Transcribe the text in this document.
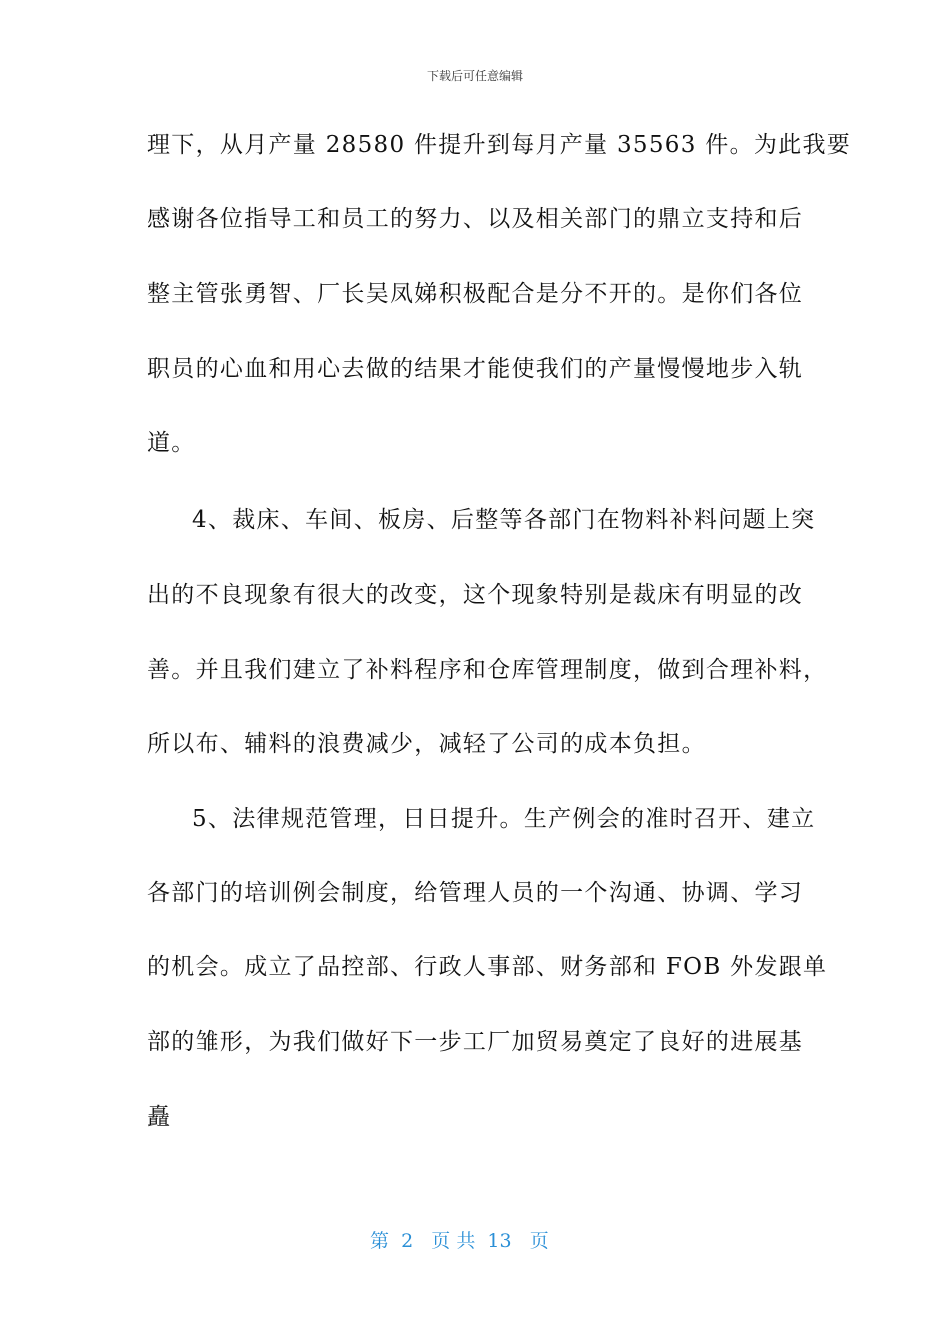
下载后可任意编辑
理下，从月产量 28580 件提升到每月产量 35563 件。为此我要
感谢各位指导工和员工的努力、以及相关部门的鼎立支持和后
整主管张勇智、厂长吴凤娣积极配合是分不开的。是你们各位
职员的心血和用心去做的结果才能使我们的产量慢慢地步入轨
道。
4、裁床、车间、板房、后整等各部门在物料补料问题上突
出的不良现象有很大的改变，这个现象特别是裁床有明显的改
善。并且我们建立了补料程序和仓库管理制度，做到合理补料，
所以布、辅料的浪费减少，减轻了公司的成本负担。
5、法律规范管理，日日提升。生产例会的准时召开、建立
各部门的培训例会制度，给管理人员的一个沟通、协调、学习
的机会。成立了品控部、行政人事部、财务部和 FOB 外发跟单
部的雏形，为我们做好下一步工厂加贸易奠定了良好的进展基
矗
第  2   页 共  13   页
